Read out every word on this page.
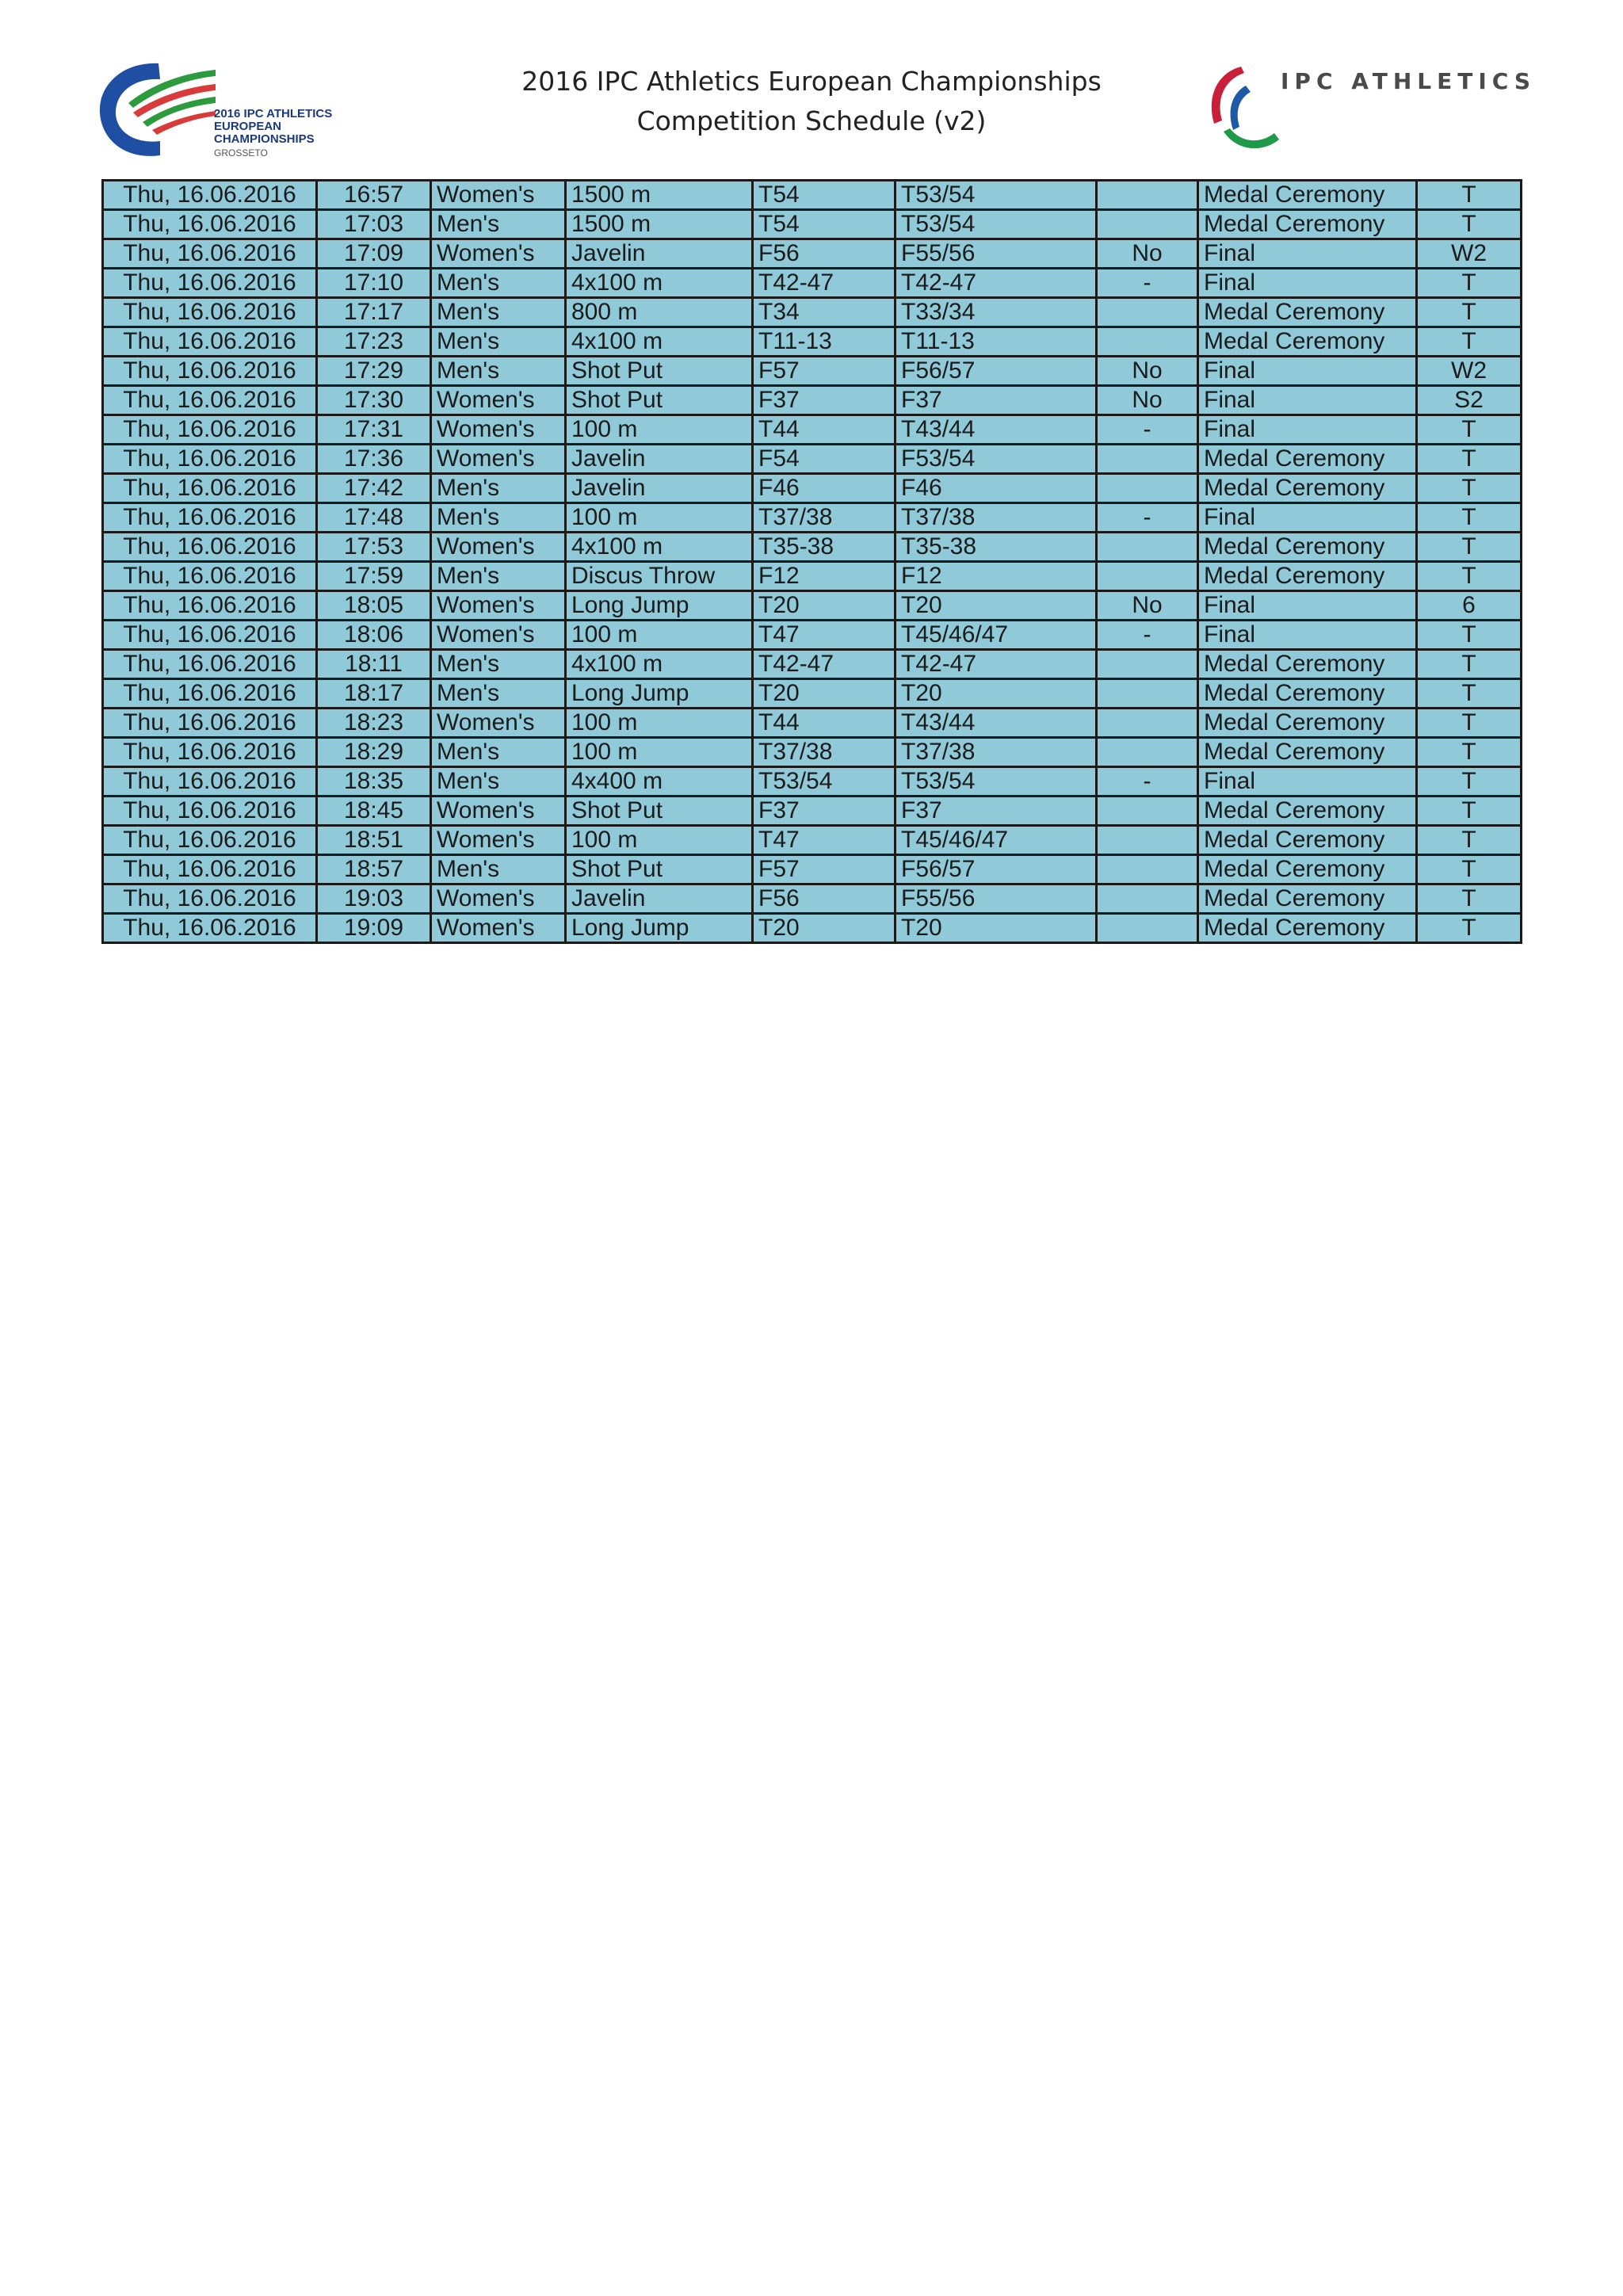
2016 IPC ATHLETICS
EUROPEAN
CHAMPIONSHIPS
GROSSETO
2016 IPC Athletics European Championships
Competition Schedule (v2)
IPC ATHLETICS
Thu, 16.06.2016	16:57	Women's	1500 m	T54	T53/54		Medal Ceremony	T
Thu, 16.06.2016	17:03	Men's	1500 m	T54	T53/54		Medal Ceremony	T
Thu, 16.06.2016	17:09	Women's	Javelin	F56	F55/56	No	Final	W2
Thu, 16.06.2016	17:10	Men's	4x100 m	T42-47	T42-47	-	Final	T
Thu, 16.06.2016	17:17	Men's	800 m	T34	T33/34		Medal Ceremony	T
Thu, 16.06.2016	17:23	Men's	4x100 m	T11-13	T11-13		Medal Ceremony	T
Thu, 16.06.2016	17:29	Men's	Shot Put	F57	F56/57	No	Final	W2
Thu, 16.06.2016	17:30	Women's	Shot Put	F37	F37	No	Final	S2
Thu, 16.06.2016	17:31	Women's	100 m	T44	T43/44	-	Final	T
Thu, 16.06.2016	17:36	Women's	Javelin	F54	F53/54		Medal Ceremony	T
Thu, 16.06.2016	17:42	Men's	Javelin	F46	F46		Medal Ceremony	T
Thu, 16.06.2016	17:48	Men's	100 m	T37/38	T37/38	-	Final	T
Thu, 16.06.2016	17:53	Women's	4x100 m	T35-38	T35-38		Medal Ceremony	T
Thu, 16.06.2016	17:59	Men's	Discus Throw	F12	F12		Medal Ceremony	T
Thu, 16.06.2016	18:05	Women's	Long Jump	T20	T20	No	Final	6
Thu, 16.06.2016	18:06	Women's	100 m	T47	T45/46/47	-	Final	T
Thu, 16.06.2016	18:11	Men's	4x100 m	T42-47	T42-47		Medal Ceremony	T
Thu, 16.06.2016	18:17	Men's	Long Jump	T20	T20		Medal Ceremony	T
Thu, 16.06.2016	18:23	Women's	100 m	T44	T43/44		Medal Ceremony	T
Thu, 16.06.2016	18:29	Men's	100 m	T37/38	T37/38		Medal Ceremony	T
Thu, 16.06.2016	18:35	Men's	4x400 m	T53/54	T53/54	-	Final	T
Thu, 16.06.2016	18:45	Women's	Shot Put	F37	F37		Medal Ceremony	T
Thu, 16.06.2016	18:51	Women's	100 m	T47	T45/46/47		Medal Ceremony	T
Thu, 16.06.2016	18:57	Men's	Shot Put	F57	F56/57		Medal Ceremony	T
Thu, 16.06.2016	19:03	Women's	Javelin	F56	F55/56		Medal Ceremony	T
Thu, 16.06.2016	19:09	Women's	Long Jump	T20	T20		Medal Ceremony	T
